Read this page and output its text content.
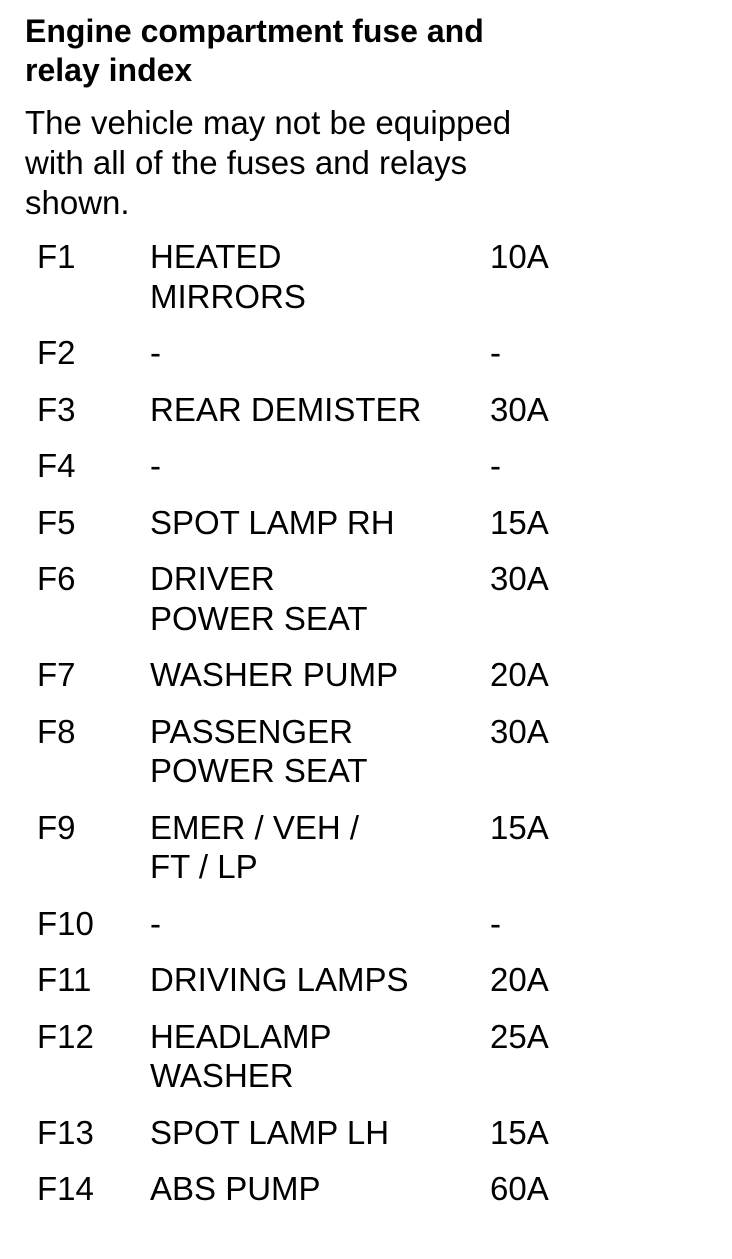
Engine compartment fuse and
relay index

The vehicle may not be equipped
with all of the fuses and relays
shown.

F1	HEATED
MIRRORS	10A
F2	-	-
F3	REAR DEMISTER	30A
F4	-	-
F5	SPOT LAMP RH	15A
F6	DRIVER
POWER SEAT	30A
F7	WASHER PUMP	20A
F8	PASSENGER
POWER SEAT	30A
F9	EMER / VEH /
FT / LP	15A
F10	-	-
F11	DRIVING LAMPS	20A
F12	HEADLAMP
WASHER	25A
F13	SPOT LAMP LH	15A
F14	ABS PUMP	60A
